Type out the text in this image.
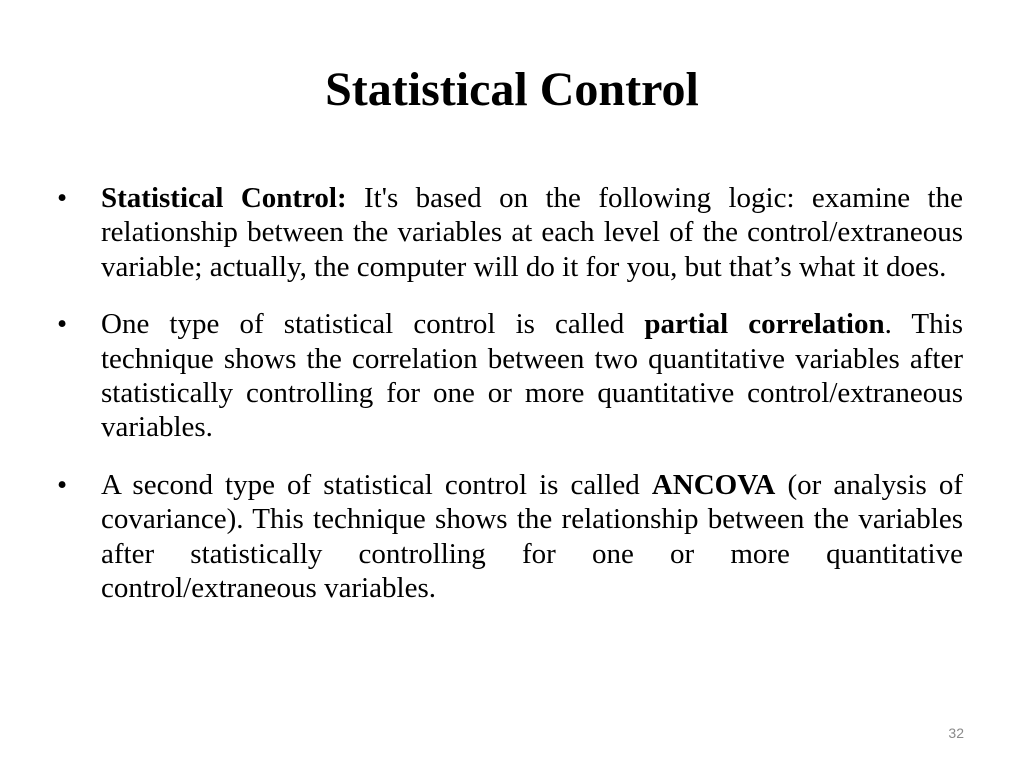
Statistical Control
• Statistical Control: It's based on the following logic: examine the relationship between the variables at each level of the control/extraneous variable; actually, the computer will do it for you, but that’s what it does.
• One type of statistical control is called partial correlation. This technique shows the correlation between two quantitative variables after statistically controlling for one or more quantitative control/extraneous variables.
• A second type of statistical control is called ANCOVA (or analysis of covariance). This technique shows the relationship between the variables after statistically controlling for one or more quantitative control/extraneous variables.
32
